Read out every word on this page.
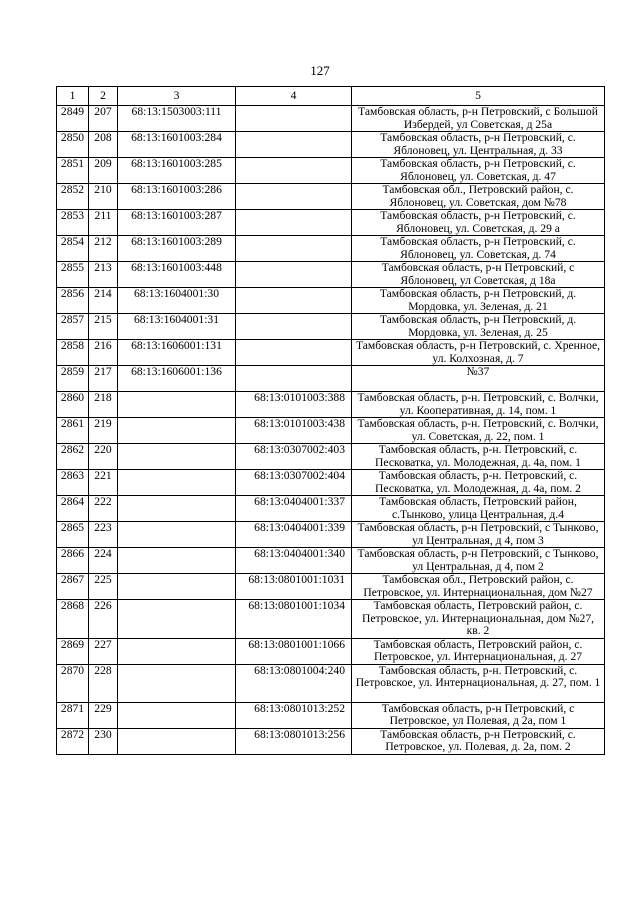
127
1	2	3	4	5
2849	207	68:13:1503003:111		Тамбовская область, р-н Петровский, с Большой Избердей, ул Советская, д 25а
2850	208	68:13:1601003:284		Тамбовская область, р-н Петровский, с. Яблоновец, ул. Центральная, д. 33
2851	209	68:13:1601003:285		Тамбовская область, р-н Петровский, с. Яблоновец, ул. Советская, д. 47
2852	210	68:13:1601003:286		Тамбовская обл., Петровский район, с. Яблоновец, ул. Советская, дом №78
2853	211	68:13:1601003:287		Тамбовская область, р-н Петровский, с. Яблоновец, ул. Советская, д. 29 а
2854	212	68:13:1601003:289		Тамбовская область, р-н Петровский, с. Яблоновец, ул. Советская, д. 74
2855	213	68:13:1601003:448		Тамбовская область, р-н Петровский, с Яблоновец, ул Советская, д 18а
2856	214	68:13:1604001:30		Тамбовская область, р-н Петровский, д. Мордовка, ул. Зеленая, д. 21
2857	215	68:13:1604001:31		Тамбовская область, р-н Петровский, д. Мордовка, ул. Зеленая, д. 25
2858	216	68:13:1606001:131		Тамбовская область, р-н Петровский, с. Хренное, ул. Колхозная, д. 7
2859	217	68:13:1606001:136		№37
2860	218		68:13:0101003:388	Тамбовская область, р-н. Петровский, с. Волчки, ул. Кооперативная, д. 14, пом. 1
2861	219		68:13:0101003:438	Тамбовская область, р-н. Петровский, с. Волчки, ул. Советская, д. 22, пом. 1
2862	220		68:13:0307002:403	Тамбовская область, р-н. Петровский, с. Песковатка, ул. Молодежная, д. 4а, пом. 1
2863	221		68:13:0307002:404	Тамбовская область, р-н. Петровский, с. Песковатка, ул. Молодежная, д. 4а, пом. 2
2864	222		68:13:0404001:337	Тамбовская область, Петровский район, с.Тынково, улица Центральная, д.4
2865	223		68:13:0404001:339	Тамбовская область, р-н Петровский, с Тынково, ул Центральная, д 4, пом 3
2866	224		68:13:0404001:340	Тамбовская область, р-н Петровский, с Тынково, ул Центральная, д 4, пом 2
2867	225		68:13:0801001:1031	Тамбовская обл., Петровский район, с. Петровское, ул. Интернациональная, дом №27
2868	226		68:13:0801001:1034	Тамбовская область, Петровский район, с. Петровское, ул. Интернациональная, дом №27, кв. 2
2869	227		68:13:0801001:1066	Тамбовская область, Петровский район, с. Петровское, ул. Интернациональная, д. 27
2870	228		68:13:0801004:240	Тамбовская область, р-н. Петровский, с. Петровское, ул. Интернациональная, д. 27, пом. 1
2871	229		68:13:0801013:252	Тамбовская область, р-н Петровский, с Петровское, ул Полевая, д 2а, пом 1
2872	230		68:13:0801013:256	Тамбовская область, р-н Петровский, с. Петровское, ул. Полевая, д. 2а, пом. 2
